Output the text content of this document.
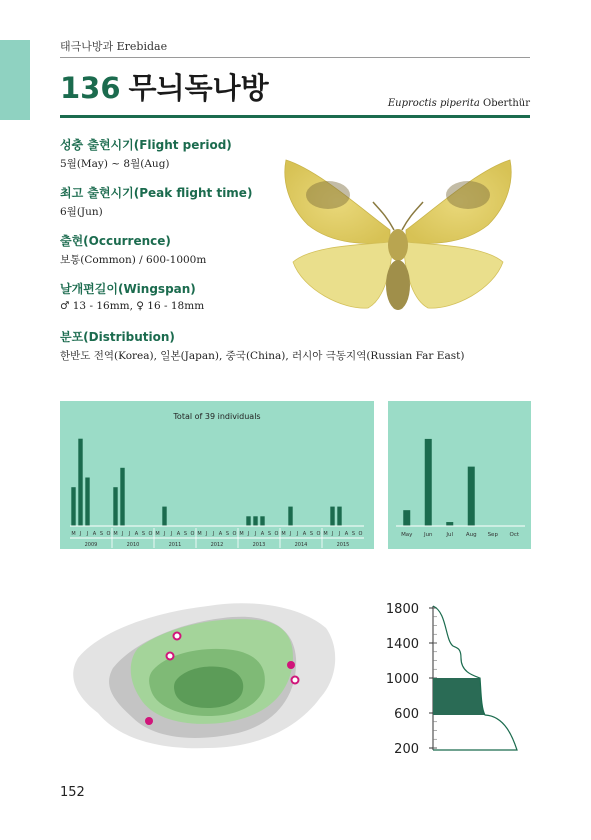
태극나방과 Erebidae
136 무늬독나방	Euproctis piperita Oberthür
성충 출현시기(Flight period)
5월(May) ~ 8월(Aug)
최고 출현시기(Peak flight time)
6월(Jun)
출현(Occurrence)
보통(Common) / 600-1000m
날개편길이(Wingspan)
♂ 13 - 16mm, ♀ 16 - 18mm
분포(Distribution)
한반도 전역(Korea), 일본(Japan), 중국(China), 러시아 극동지역(Russian Far East)
Total of 39 individuals
M J J A S O M J J A S O M J J A S O M J J A S O M J J A S O M J J A S O M J J A S O
2009	2010	2011	2012	2013	2014	2015
May Jun	Jul Aug Sep Oct
1800
1400
1000
600
200
152
